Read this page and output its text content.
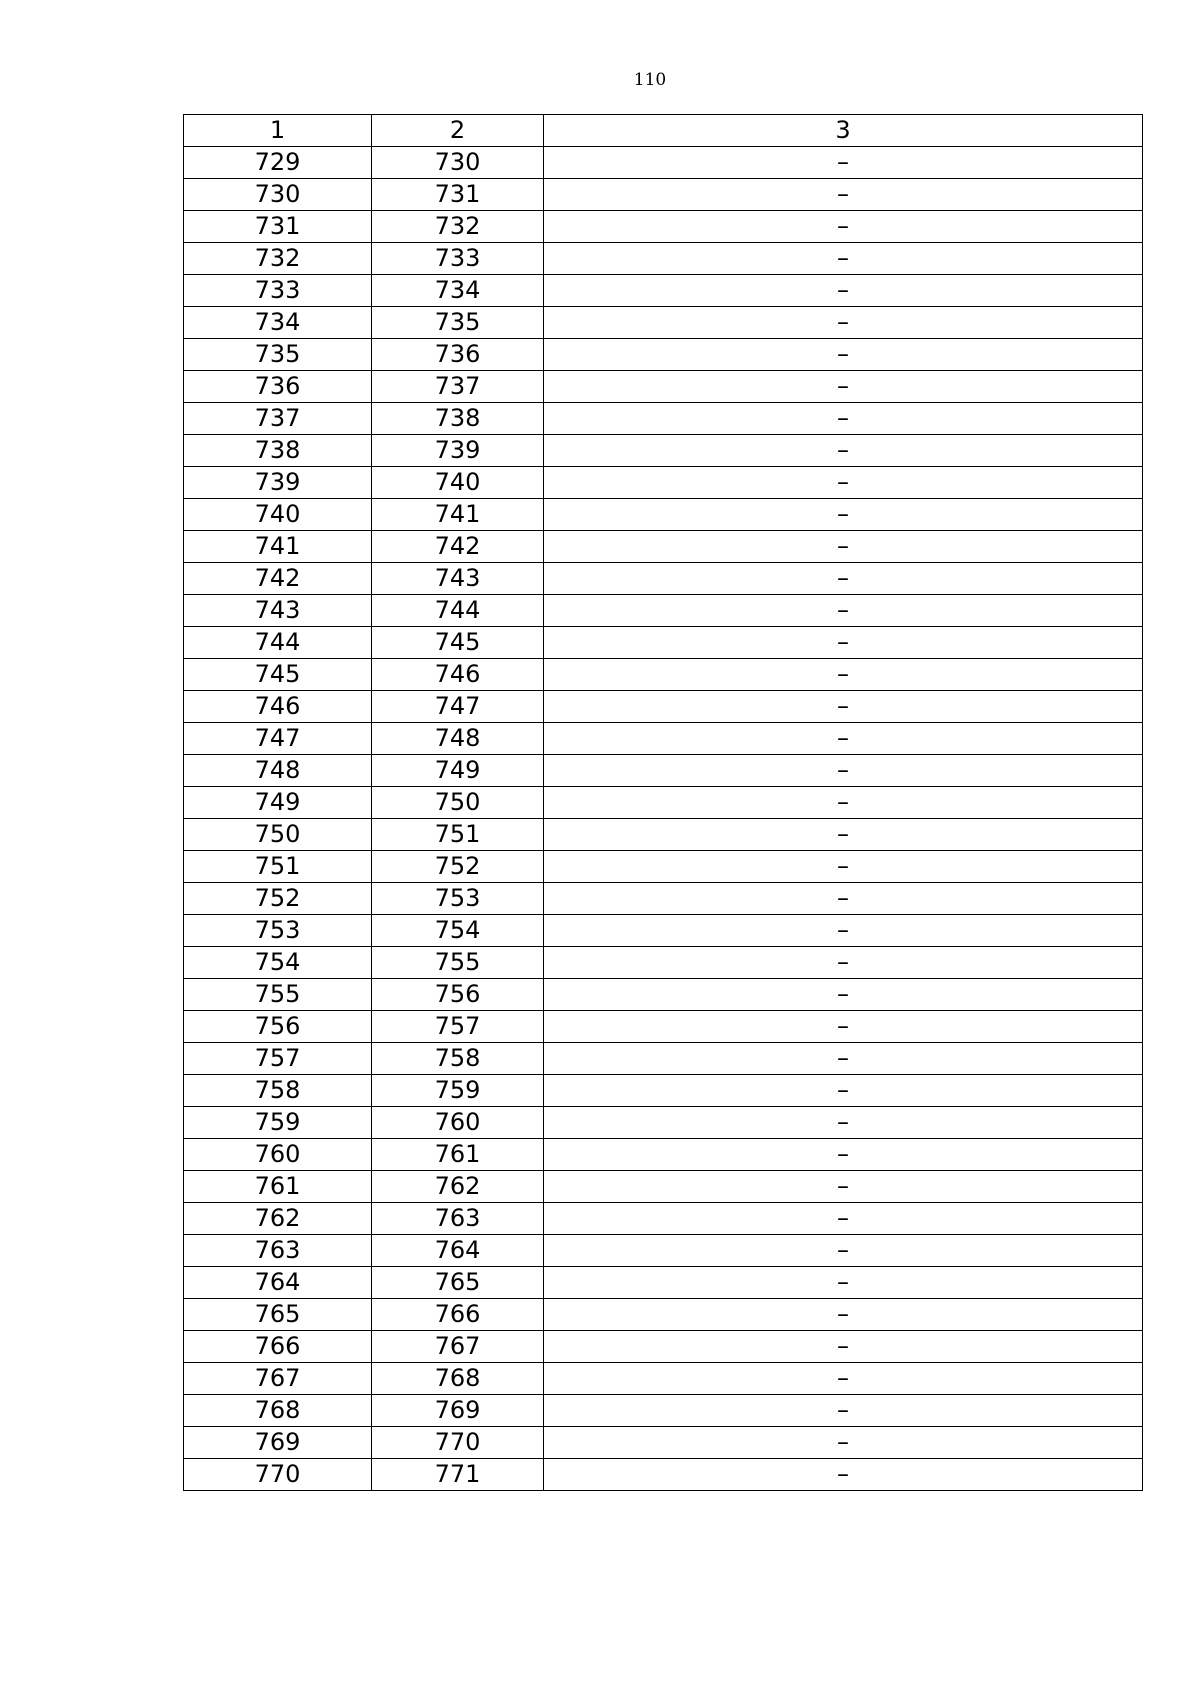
110
1	2	3
729	730	–
730	731	–
731	732	–
732	733	–
733	734	–
734	735	–
735	736	–
736	737	–
737	738	–
738	739	–
739	740	–
740	741	–
741	742	–
742	743	–
743	744	–
744	745	–
745	746	–
746	747	–
747	748	–
748	749	–
749	750	–
750	751	–
751	752	–
752	753	–
753	754	–
754	755	–
755	756	–
756	757	–
757	758	–
758	759	–
759	760	–
760	761	–
761	762	–
762	763	–
763	764	–
764	765	–
765	766	–
766	767	–
767	768	–
768	769	–
769	770	–
770	771	–
